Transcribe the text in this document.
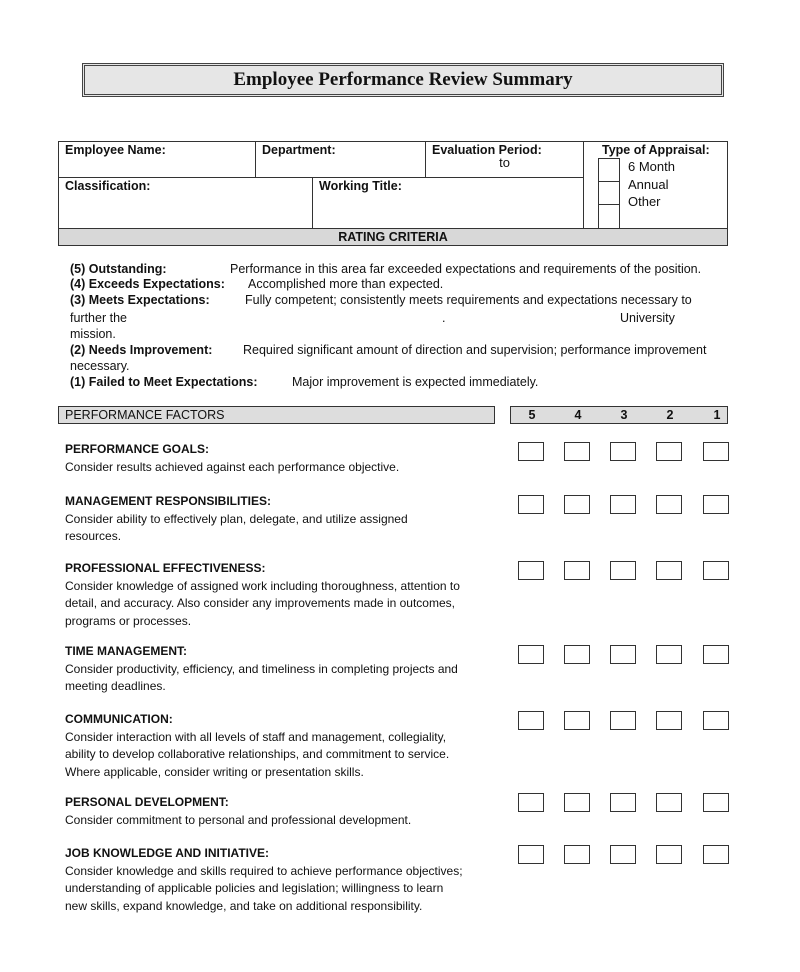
Employee Performance Review Summary
Employee Name:	Department:	Evaluation Period:
to
Classification:	Working Title:
Type of Appraisal:
6 Month
Annual
Other
RATING CRITERIA
(5) Outstanding:	Performance in this area far exceeded expectations and requirements of the position.
(4) Exceeds Expectations: Accomplished more than expected.
(3) Meets Expectations:	Fully competent; consistently meets requirements and expectations necessary to
further the	.	University
mission.
(2) Needs Improvement: Required significant amount of direction and supervision; performance improvement
necessary.
(1) Failed to Meet Expectations:	Major improvement is expected immediately.
PERFORMANCE FACTORS	5	4	3	2	1
PERFORMANCE GOALS:
Consider results achieved against each performance objective.
MANAGEMENT RESPONSIBILITIES:
Consider ability to effectively plan, delegate, and utilize assigned
resources.
PROFESSIONAL EFFECTIVENESS:
Consider knowledge of assigned work including thoroughness, attention to
detail, and accuracy. Also consider any improvements made in outcomes,
programs or processes.
TIME MANAGEMENT:
Consider productivity, efficiency, and timeliness in completing projects and
meeting deadlines.
COMMUNICATION:
Consider interaction with all levels of staff and management, collegiality,
ability to develop collaborative relationships, and commitment to service.
Where applicable, consider writing or presentation skills.
PERSONAL DEVELOPMENT:
Consider commitment to personal and professional development.
JOB KNOWLEDGE AND INITIATIVE:
Consider knowledge and skills required to achieve performance objectives;
understanding of applicable policies and legislation; willingness to learn
new skills, expand knowledge, and take on additional responsibility.
